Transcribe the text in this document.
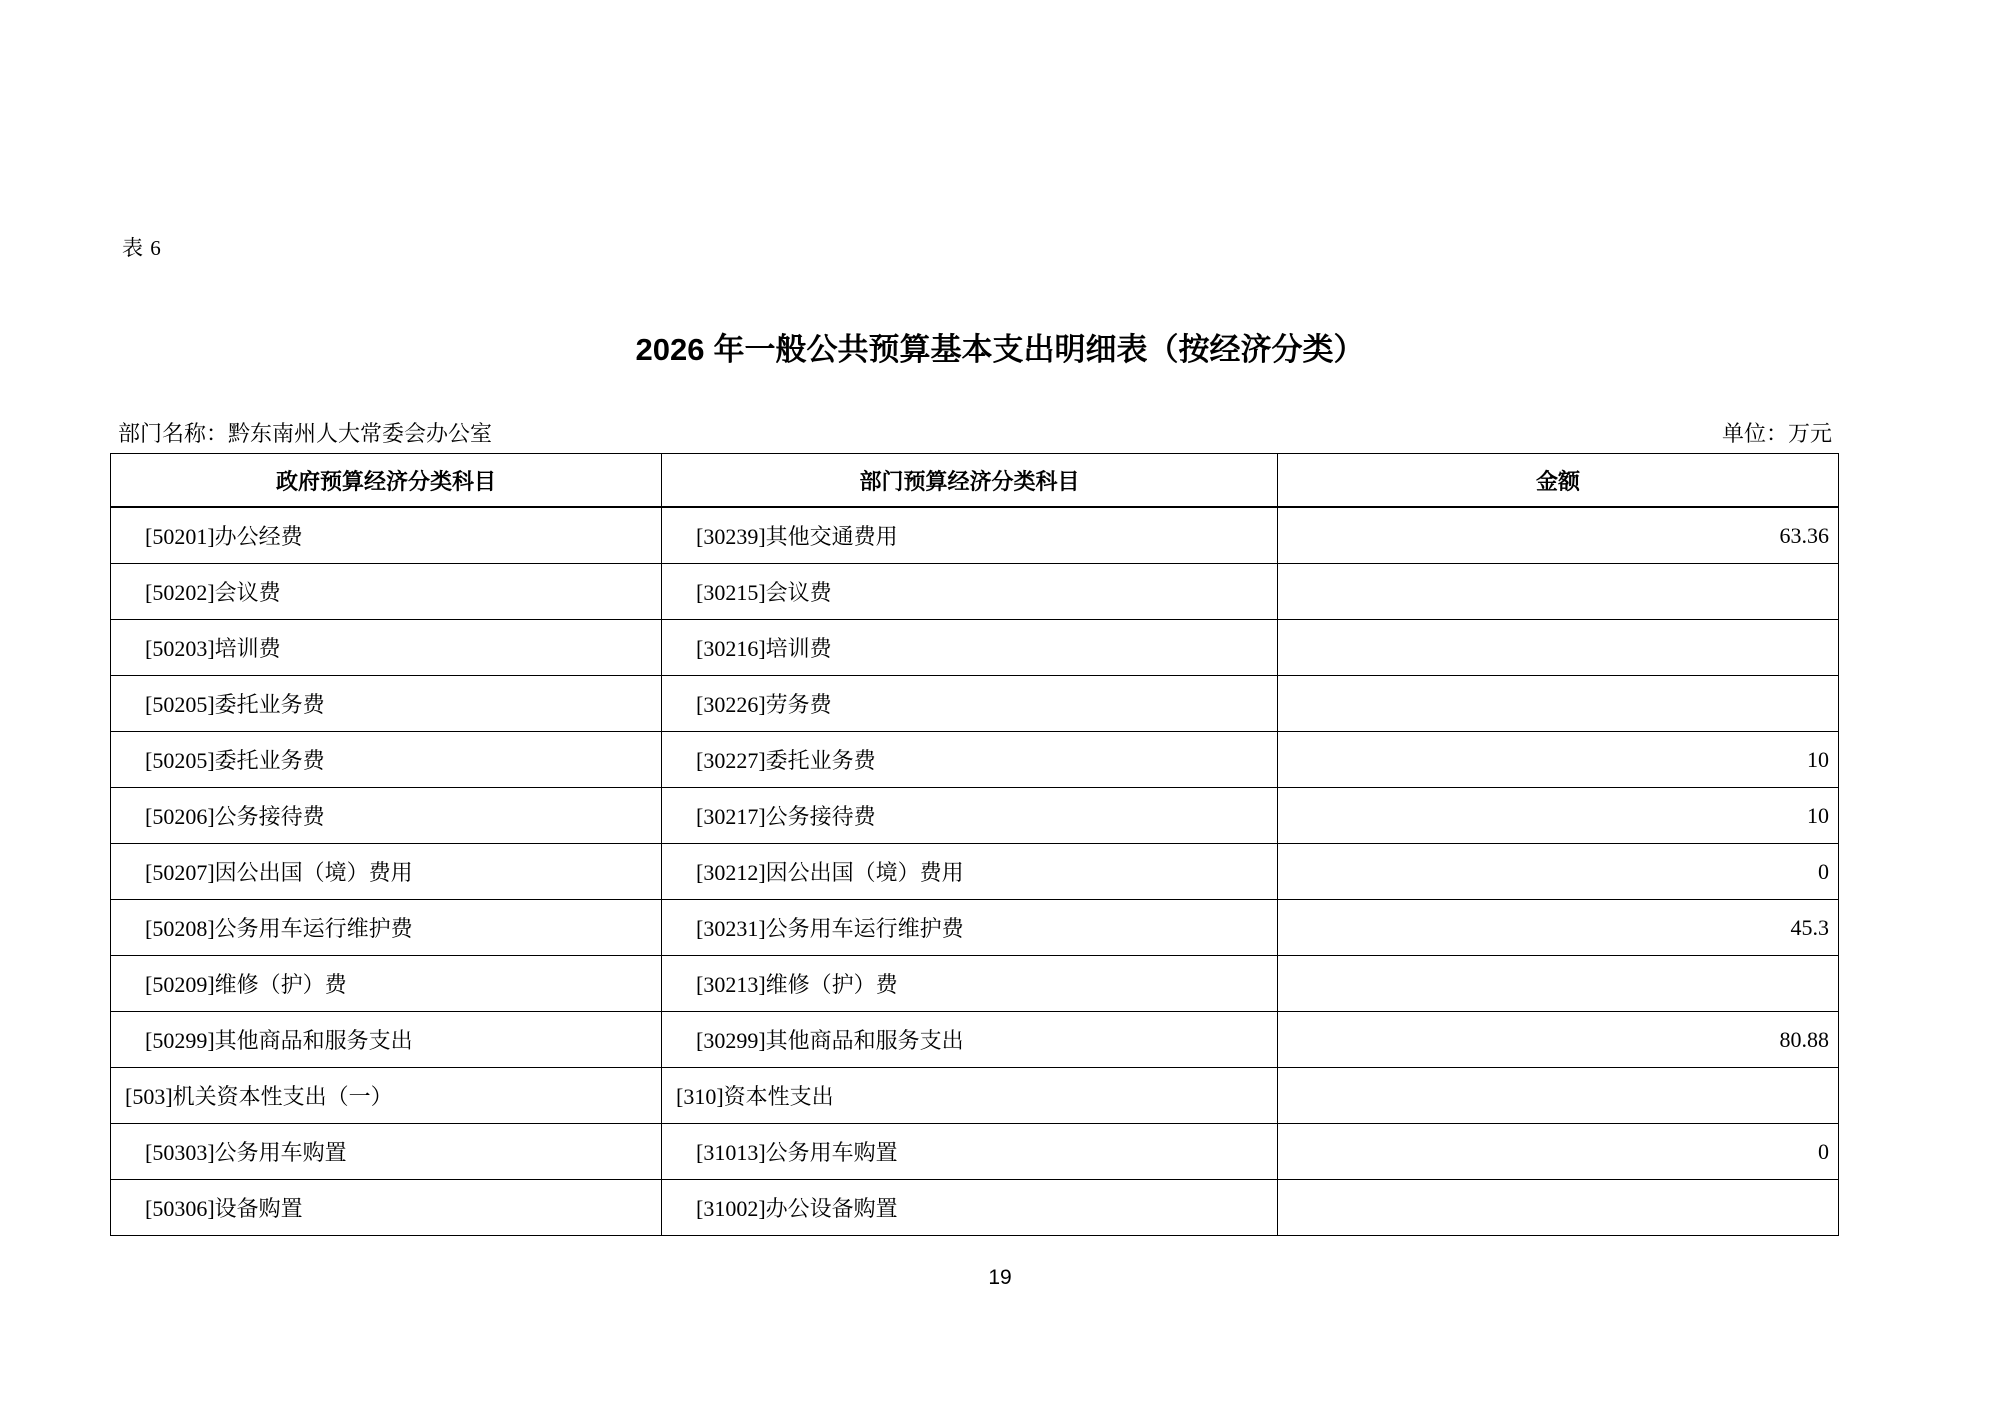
表 6
2026 年一般公共预算基本支出明细表（按经济分类）
部门名称：黔东南州人大常委会办公室	单位：万元
政府预算经济分类科目	部门预算经济分类科目	金额
[50201]办公经费	[30239]其他交通费用	63.36
[50202]会议费	[30215]会议费	
[50203]培训费	[30216]培训费	
[50205]委托业务费	[30226]劳务费	
[50205]委托业务费	[30227]委托业务费	10
[50206]公务接待费	[30217]公务接待费	10
[50207]因公出国（境）费用	[30212]因公出国（境）费用	0
[50208]公务用车运行维护费	[30231]公务用车运行维护费	45.3
[50209]维修（护）费	[30213]维修（护）费	
[50299]其他商品和服务支出	[30299]其他商品和服务支出	80.88
[503]机关资本性支出（一）	[310]资本性支出	
[50303]公务用车购置	[31013]公务用车购置	0
[50306]设备购置	[31002]办公设备购置	
19
